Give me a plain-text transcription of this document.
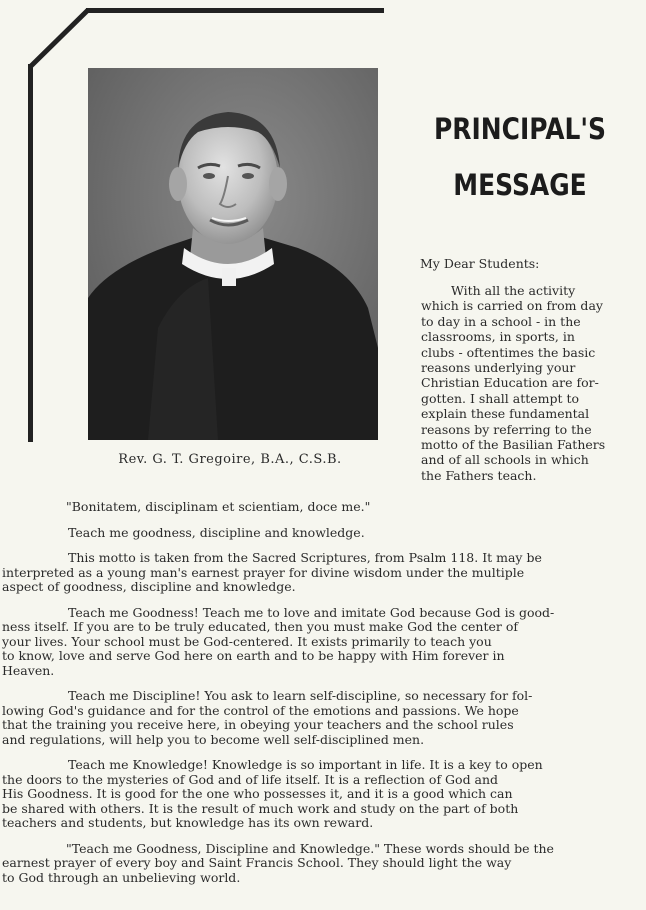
Rev. G. T. Gregoire, B.A., C.S.B.
PRINCIPAL'S
MESSAGE
My Dear Students:
With all the activity
which is carried on from day
to day in a school - in the
classrooms, in sports, in
clubs - oftentimes the basic
reasons underlying your
Christian Education are for-
gotten. I shall attempt to
explain these fundamental
reasons by referring to the
motto of the Basilian Fathers
and of all schools in which
the Fathers teach.

"Bonitatem, disciplinam et scientiam, doce me."

Teach me goodness, discipline and knowledge.

This motto is taken from the Sacred Scriptures, from Psalm 118. It may be
interpreted as a young man's earnest prayer for divine wisdom under the multiple
aspect of goodness, discipline and knowledge.

Teach me Goodness! Teach me to love and imitate God because God is good-
ness itself. If you are to be truly educated, then you must make God the center of
your lives. Your school must be God-centered. It exists primarily to teach you
to know, love and serve God here on earth and to be happy with Him forever in
Heaven.

Teach me Discipline! You ask to learn self-discipline, so necessary for fol-
lowing God's guidance and for the control of the emotions and passions. We hope
that the training you receive here, in obeying your teachers and the school rules
and regulations, will help you to become well self-disciplined men.

Teach me Knowledge! Knowledge is so important in life. It is a key to open
the doors to the mysteries of God and of life itself. It is a reflection of God and
His Goodness. It is good for the one who possesses it, and it is a good which can
be shared with others. It is the result of much work and study on the part of both
teachers and students, but knowledge has its own reward.

"Teach me Goodness, Discipline and Knowledge." These words should be the
earnest prayer of every boy and Saint Francis School. They should light the way
to God through an unbelieving world.
